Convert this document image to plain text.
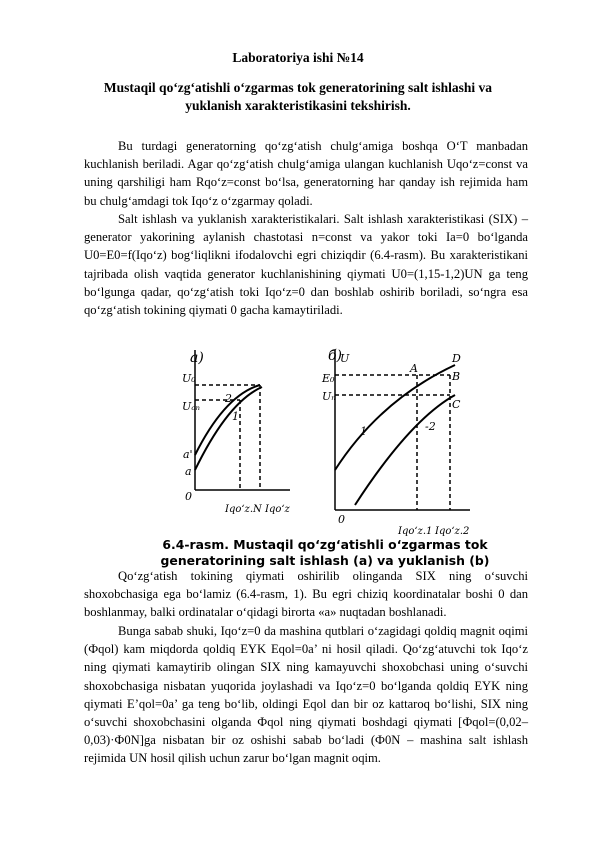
Laboratoriya ishi №14
Mustaqil qo‘zg‘atishli o‘zgarmas tok generatorining salt ishlashi va yuklanish xarakteristikasini tekshirish.
Bu turdagi generatorning qo‘zg‘atish chulg‘amiga boshqa O‘T manbadan kuchlanish beriladi. Agar qo‘zg‘atish chulg‘amiga ulangan kuchlanish Uqo‘z=const va uning qarshiligi ham Rqo‘z=const bo‘lsa, generatorning har qanday ish rejimida ham bu chulg‘amdagi tok Iqo‘z o‘zgarmay qoladi.
Salt ishlash va yuklanish xarakteristikalari. Salt ishlash xarakteristikasi (SIX) – generator yakorining aylanish chastotasi n=const va yakor toki Ia=0 bo‘lganda U0=E0=f(Iqo‘z) bog‘liqlikni ifodalovchi egri chiziqdir (6.4-rasm). Bu xarakteristikani tajribada olish vaqtida generator kuchlanishining qiymati U0=(1,15-1,2)UN ga teng bo‘lgunga qadar, qo‘zg‘atish toki Iqo‘z=0 dan boshlab oshirib boriladi, so‘ngra esa qo‘zg‘atish tokining qiymati 0 gacha kamaytiriladi.
a)
U₀
Uₒₙ
2
1
a'
a
0
Iqo‘z.N Iqo‘z
б)
U
E₀
Uₙ
1	-2
A
B
C
D
0
Iqo‘z.1 Iqo‘z.2
6.4-rasm. Mustaqil qo‘zg‘atishli o‘zgarmas tok generatorining salt ishlash (a) va yuklanish (b)
Qo‘zg‘atish tokining qiymati oshirilib olinganda SIX ning o‘suvchi shoxobchasiga ega bo‘lamiz (6.4-rasm, 1). Bu egri chiziq koordinatalar boshi 0 dan boshlanmay, balki ordinatalar o‘qidagi birorta «a» nuqtadan boshlanadi.
Bunga sabab shuki, Iqo‘z=0 da mashina qutblari o‘zagidagi qoldiq magnit oqimi (Фqol) kam miqdorda qoldiq EYK Eqol=0a’ ni hosil qiladi. Qo‘zg‘atuvchi tok Iqo‘z ning qiymati kamaytirib olingan SIX ning kamayuvchi shoxobchasi uning o‘suvchi shoxobchasiga nisbatan yuqorida joylashadi va Iqo‘z=0 bo‘lganda qoldiq EYK ning qiymati E’qol=0a’ ga teng bo‘lib, oldingi Eqol dan bir oz kattaroq bo‘lishi, SIX ning o‘suvchi shoxobchasini olganda Фqol ning qiymati boshdagi qiymati [Фqol=(0,02– 0,03)·Ф0N]ga nisbatan bir oz oshishi sabab bo‘ladi (Ф0N – mashina salt ishlash rejimida UN hosil qilish uchun zarur bo‘lgan magnit oqim.
